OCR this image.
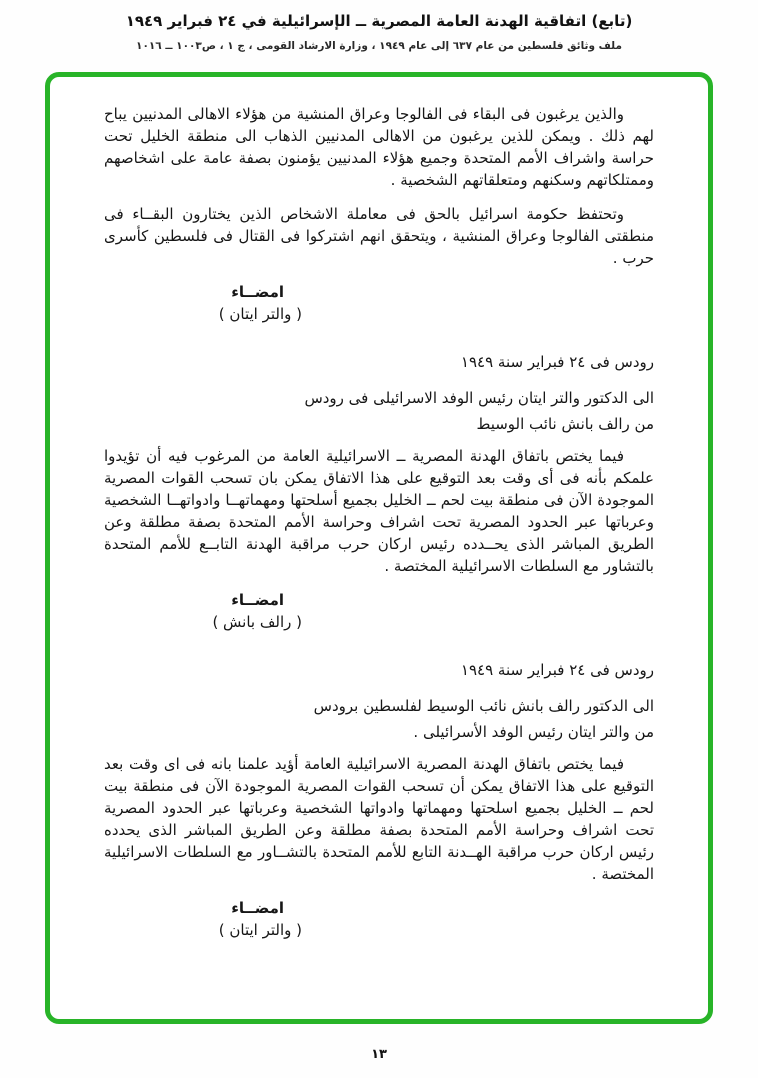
(تابع) اتفاقية الهدنة العامة المصرية ــ الإسرائيلية في ٢٤ فبراير ١٩٤٩
ملف وثائق فلسطين من عام ٦٣٧ إلى عام ١٩٤٩ ، وزارة الارشاد القومى ، ج ١ ، ص١٠٠٣ ــ ١٠١٦

والذين يرغبون فى البقاء فى الفالوجا وعراق المنشية من هؤلاء الاهالى المدنيين يباح لهم ذلك . ويمكن للذين يرغبون من الاهالى المدنيين الذهاب الى منطقة الخليل تحت حراسة واشراف الأمم المتحدة وجميع هؤلاء المدنيين يؤمنون بصفة عامة على اشخاصهم وممتلكاتهم وسكنهم ومتعلقاتهم الشخصية .

وتحتفظ حكومة اسرائيل بالحق فى معاملة الاشخاص الذين يختارون البقــاء فى منطقتى الفالوجا وعراق المنشية ، ويتحقق انهم اشتركوا فى القتال فى فلسطين كأسرى حرب .

امضــاء
( والتر ايتان )
رودس فى ٢٤ فبراير سنة ١٩٤٩
الى الدكتور والتر ايتان رئيس الوفد الاسرائيلى فى رودس
من رالف بانش نائب الوسيط

فيما يختص باتفاق الهدنة المصرية ــ الاسرائيلية العامة من المرغوب فيه أن تؤيدوا علمكم بأنه فى أى وقت بعد التوقيع على هذا الاتفاق يمكن بان تسحب القوات المصرية الموجودة الآن فى منطقة بيت لحم ــ الخليل بجميع أسلحتها ومهماتهــا وادواتهــا الشخصية وعرباتها عبر الحدود المصرية تحت اشراف وحراسة الأمم المتحدة بصفة مطلقة وعن الطريق المباشر الذى يحــدده رئيس اركان حرب مراقبة الهدنة التابــع للأمم المتحدة بالتشاور مع السلطات الاسرائيلية المختصة .

امضــاء
( رالف بانش )
رودس فى ٢٤ فبراير سنة ١٩٤٩
الى الدكتور رالف بانش نائب الوسيط لفلسطين برودس
من والتر ايتان رئيس الوفد الأسرائيلى .

فيما يختص باتفاق الهدنة المصرية الاسرائيلية العامة أؤيد علمنا بانه فى اى وقت بعد التوقيع على هذا الاتفاق يمكن أن تسحب القوات المصرية الموجودة الآن فى منطقة بيت لحم ــ الخليل بجميع اسلحتها ومهماتها وادواتها الشخصية وعرباتها عبر الحدود المصرية تحت اشراف وحراسة الأمم المتحدة بصفة مطلقة وعن الطريق المباشر الذى يحدده رئيس اركان حرب مراقبة الهــدنة التابع للأمم المتحدة بالتشــاور مع السلطات الاسرائيلية المختصة .

امضــاء
( والتر ايتان )
١٣
